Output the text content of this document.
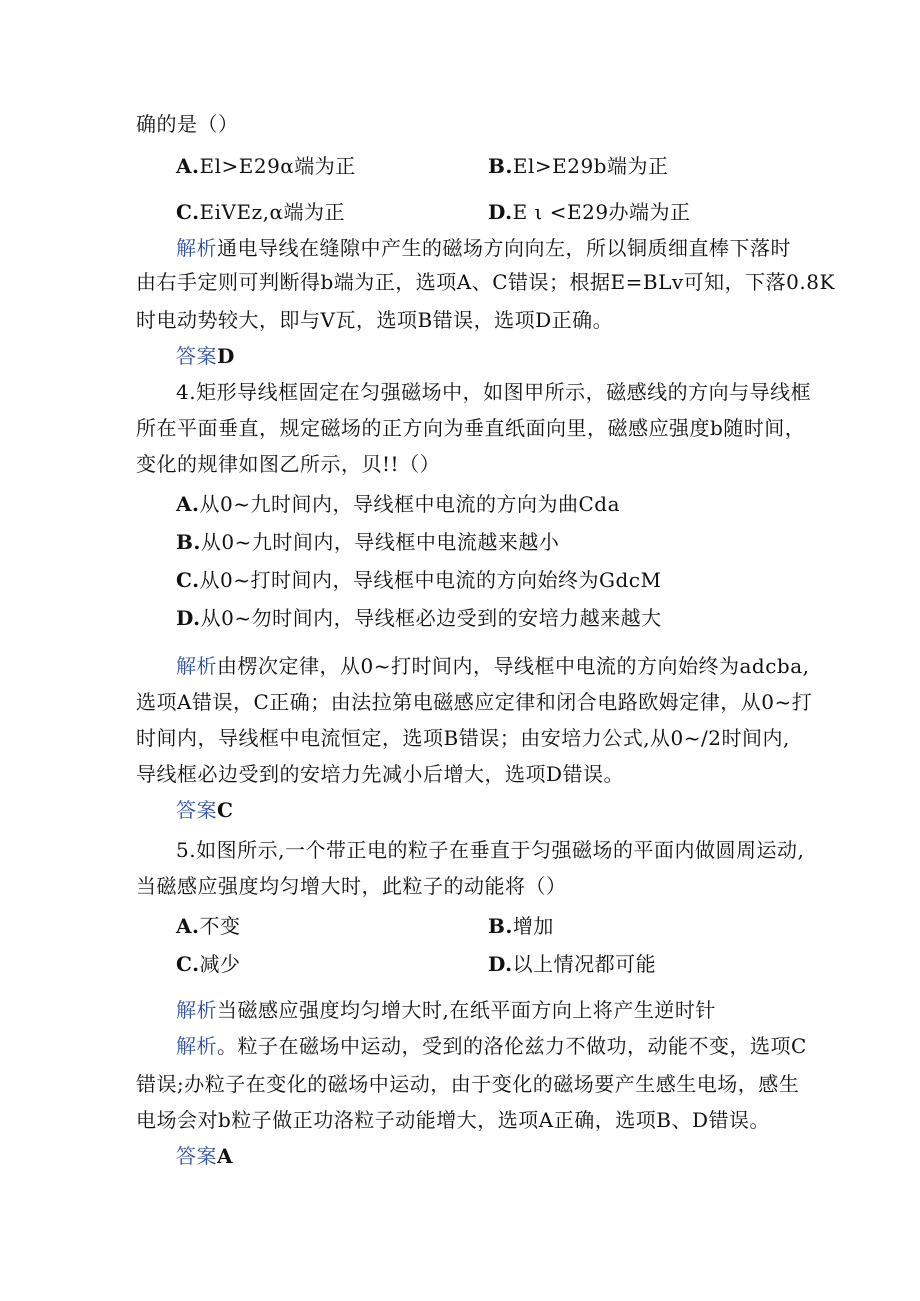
确的是（）
A.El>E29α端为正	B.El>E29b端为正
C.EiVEz,α端为正	D.E ι <E29办端为正
解析通电导线在缝隙中产生的磁场方向向左，所以铜质细直棒下落时
由右手定则可判断得b端为正，选项A、C错误；根据E=BLv可知，下落0.8K
时电动势较大，即与V瓦，选项B错误，选项D正确。
答案D
4.矩形导线框固定在匀强磁场中，如图甲所示，磁感线的方向与导线框
所在平面垂直，规定磁场的正方向为垂直纸面向里，磁感应强度b随时间，
变化的规律如图乙所示，贝!!（）
A.从0~九时间内，导线框中电流的方向为曲Cda
B.从0~九时间内，导线框中电流越来越小
C.从0~打时间内，导线框中电流的方向始终为GdcM
D.从0~勿时间内，导线框必边受到的安培力越来越大
解析由楞次定律，从0~打时间内，导线框中电流的方向始终为adcba,
选项A错误，C正确；由法拉第电磁感应定律和闭合电路欧姆定律，从0~打
时间内，导线框中电流恒定，选项B错误；由安培力公式,从0~/2时间内,
导线框必边受到的安培力先减小后增大，选项D错误。
答案C
5.如图所示,一个带正电的粒子在垂直于匀强磁场的平面内做圆周运动,
当磁感应强度均匀增大时，此粒子的动能将（）
A.不变	B.增加
C.减少	D.以上情况都可能
解析当磁感应强度均匀增大时,在纸平面方向上将产生逆时针
解析。粒子在磁场中运动，受到的洛伦兹力不做功，动能不变，选项C
错误;办粒子在变化的磁场中运动，由于变化的磁场要产生感生电场，感生
电场会对b粒子做正功洛粒子动能增大，选项A正确，选项B、D错误。
答案A
